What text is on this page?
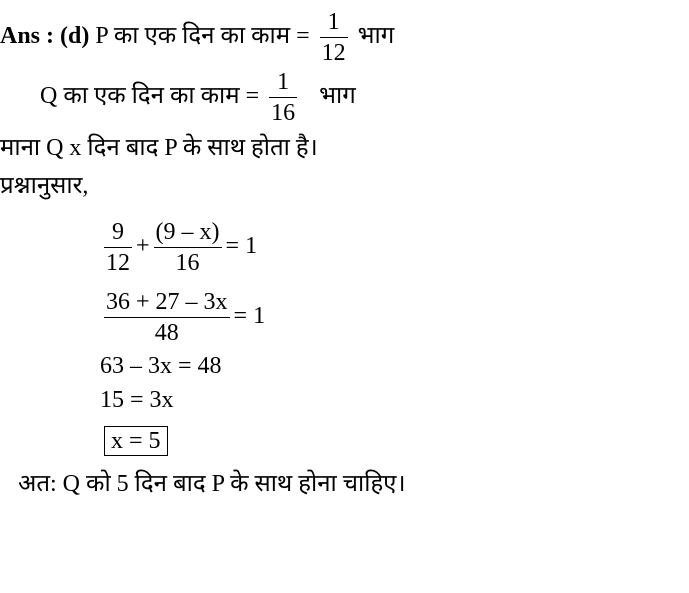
Ans : (d) P का एक दिन का काम = $\frac{1}{12}$ भाग
Q का एक दिन का काम = $\frac{1}{16}$ भाग
माना Q x दिन बाद P के साथ होता है।
प्रश्नानुसार,
$\frac{9}{12} + \frac{(9 - x)}{16} = 1$
$\frac{36 + 27 - 3x}{48} = 1$
63 – 3x = 48
15 = 3x
x = 5
अत: Q को 5 दिन बाद P के साथ होना चाहिए।
